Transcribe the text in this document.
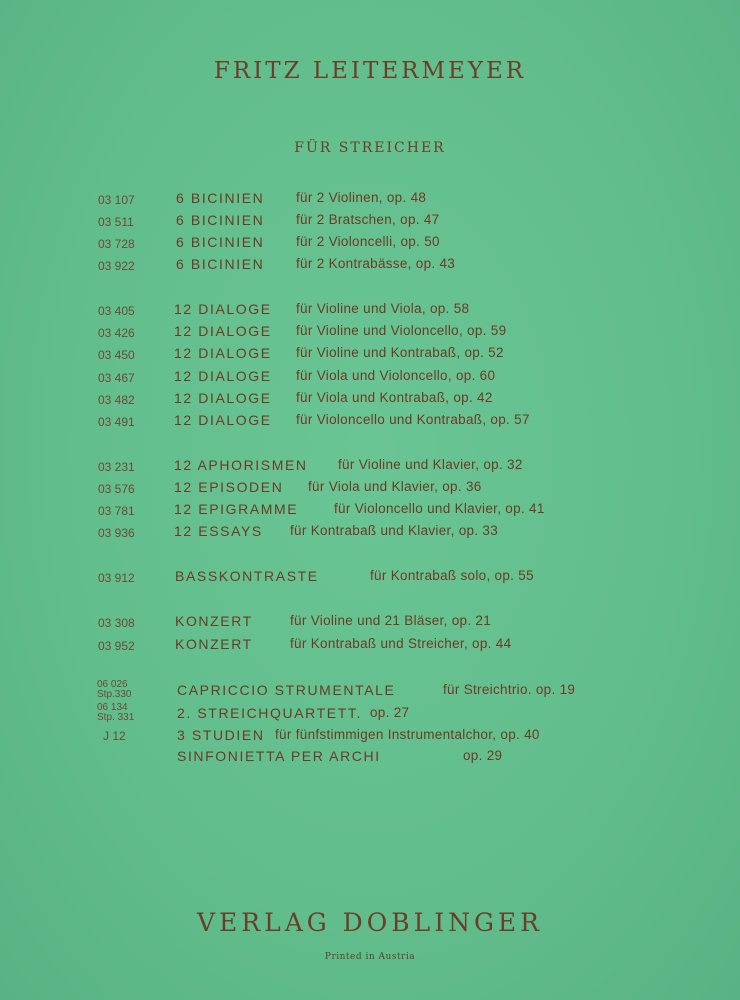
FRITZ LEITERMEYER
FÜR STREICHER
03 107	6 BICINIEN für 2 Violinen, op. 48
03 511	6 BICINIEN für 2 Bratschen, op. 47
03 728	6 BICINIEN für 2 Violoncelli, op. 50
03 922	6 BICINIEN für 2 Kontrabässe, op. 43
03 405	12 DIALOGE für Violine und Viola, op. 58
03 426	12 DIALOGE für Violine und Violoncello, op. 59
03 450	12 DIALOGE für Violine und Kontrabaß, op. 52
03 467	12 DIALOGE für Viola und Violoncello, op. 60
03 482	12 DIALOGE für Viola und Kontrabaß, op. 42
03 491	12 DIALOGE für Violoncello und Kontrabaß, op. 57
03 231	12 APHORISMEN für Violine und Klavier, op. 32
03 576	12 EPISODEN für Viola und Klavier, op. 36
03 781	12 EPIGRAMME	für Violoncello und Klavier, op. 41
03 936	12 ESSAYS für Kontrabaß und Klavier, op. 33
03 912	BASSKONTRASTE	für Kontrabaß solo, op. 55
03 308	KONZERT	für Violine und 21 Bläser, op. 21
03 952	KONZERT	für Kontrabaß und Streicher, op. 44
06 026
Stp.330	CAPRICCIO STRUMENTALE	für Streichtrio. op. 19
06 134
Stp. 331	2. STREICHQUARTETT. op. 27
J 12	3 STUDIEN für fünfstimmigen Instrumentalchor, op. 40
SINFONIETTA PER ARCHI	op. 29
VERLAG DOBLINGER
Printed in Austria
